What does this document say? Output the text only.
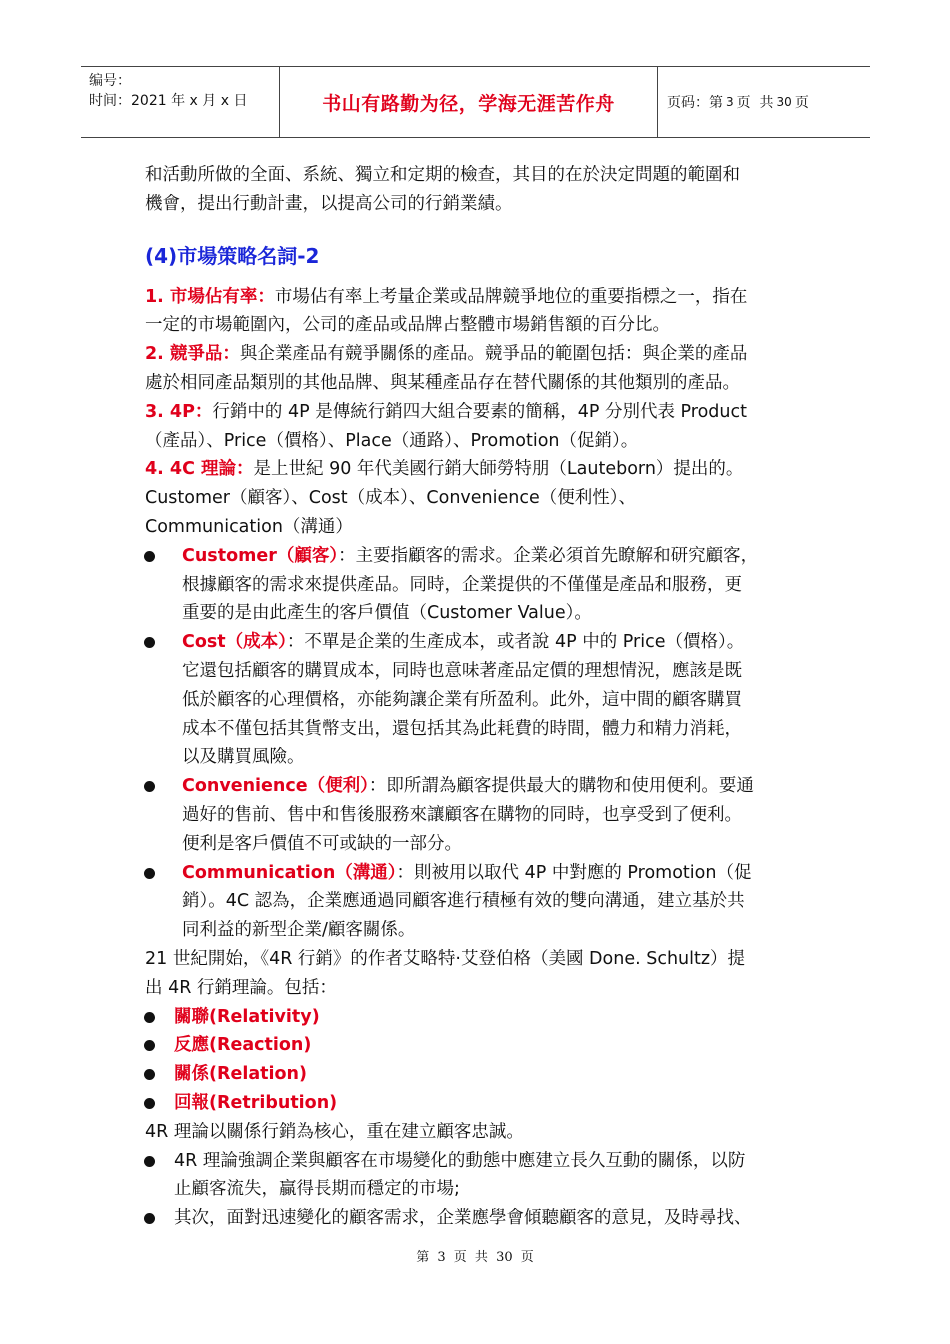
编号：
时间：2021 年 x 月 x 日	书山有路勤为径，学海无涯苦作舟	页码：第 3 页  共 30 页

和活動所做的全面、系統、獨立和定期的檢查，其目的在於決定問題的範圍和

機會，提出行動計畫，以提高公司的行銷業績。

(4)市場策略名詞-2

1. 市場佔有率：市場佔有率上考量企業或品牌競爭地位的重要指標之一，指在

一定的市場範圍內，公司的產品或品牌占整體市場銷售額的百分比。

2. 競爭品：與企業產品有競爭關係的產品。競爭品的範圍包括：與企業的產品

處於相同產品類別的其他品牌、與某種產品存在替代關係的其他類別的產品。

3. 4P：行銷中的 4P 是傳統行銷四大組合要素的簡稱，4P 分別代表 Product

（產品）、Price（價格）、Place（通路）、Promotion（促銷）。

4. 4C 理論：是上世紀 90 年代美國行銷大師勞特朋（Lauteborn）提出的。

Customer（顧客）、Cost（成本）、Convenience（便利性）、

Communication（溝通）

Customer（顧客）：主要指顧客的需求。企業必須首先瞭解和研究顧客，

根據顧客的需求來提供產品。同時，企業提供的不僅僅是產品和服務，更

重要的是由此產生的客戶價值（Customer Value）。

Cost（成本）：不單是企業的生產成本，或者說 4P 中的 Price（價格）。

它還包括顧客的購買成本，同時也意味著產品定價的理想情況，應該是既

低於顧客的心理價格，亦能夠讓企業有所盈利。此外，這中間的顧客購買

成本不僅包括其貨幣支出，還包括其為此耗費的時間，體力和精力消耗，

以及購買風險。

Convenience（便利）：即所謂為顧客提供最大的購物和使用便利。要通

過好的售前、售中和售後服務來讓顧客在購物的同時，也享受到了便利。

便利是客戶價值不可或缺的一部分。

Communication（溝通）：則被用以取代 4P 中對應的 Promotion（促

銷）。4C 認為，企業應通過同顧客進行積極有效的雙向溝通，建立基於共

同利益的新型企業/顧客關係。

21 世紀開始，《4R 行銷》的作者艾略特·艾登伯格（美國 Done. Schultz）提

出 4R 行銷理論。包括：

關聯(Relativity)

反應(Reaction)

關係(Relation)

回報(Retribution)

4R 理論以關係行銷為核心，重在建立顧客忠誠。

4R 理論強調企業與顧客在市場變化的動態中應建立長久互動的關係，以防

止顧客流失，贏得長期而穩定的市場;

其次，面對迅速變化的顧客需求，企業應學會傾聽顧客的意見，及時尋找、

第 3 页 共 30 页
